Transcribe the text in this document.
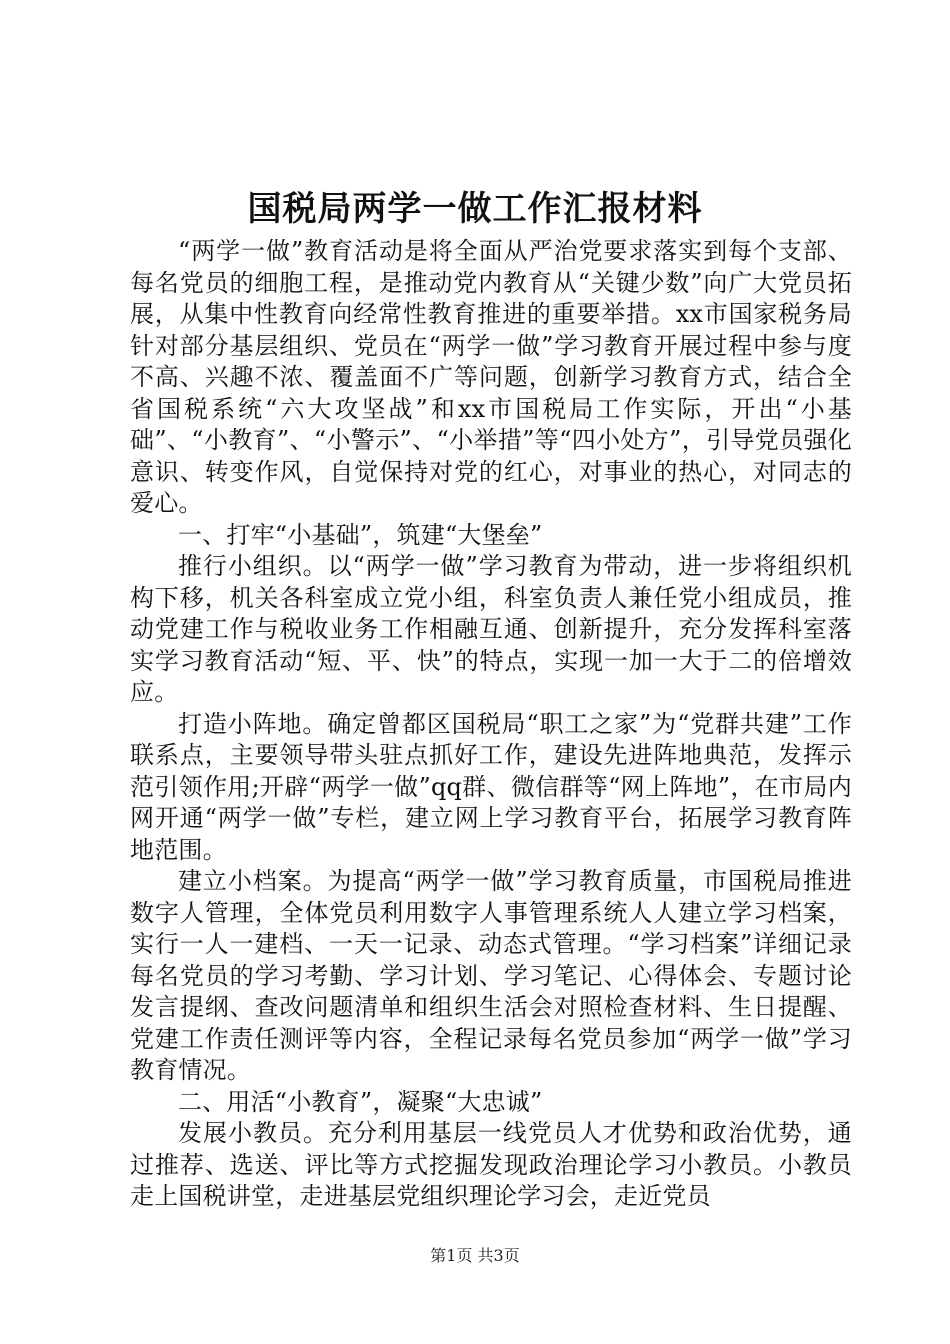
国税局两学一做工作汇报材料

“两学一做”教育活动是将全面从严治党要求落实到每个支部、每名党员的细胞工程，是推动党内教育从“关键少数”向广大党员拓展，从集中性教育向经常性教育推进的重要举措。xx市国家税务局针对部分基层组织、党员在“两学一做”学习教育开展过程中参与度不高、兴趣不浓、覆盖面不广等问题，创新学习教育方式，结合全省国税系统“六大攻坚战”和xx市国税局工作实际，开出“小基础”、“小教育”、“小警示”、“小举措”等“四小处方”，引导党员强化意识、转变作风，自觉保持对党的红心，对事业的热心，对同志的爱心。

一、打牢“小基础”，筑建“大堡垒”

推行小组织。以“两学一做”学习教育为带动，进一步将组织机构下移，机关各科室成立党小组，科室负责人兼任党小组成员，推动党建工作与税收业务工作相融互通、创新提升，充分发挥科室落实学习教育活动“短、平、快”的特点，实现一加一大于二的倍增效应。

打造小阵地。确定曾都区国税局“职工之家”为“党群共建”工作联系点，主要领导带头驻点抓好工作，建设先进阵地典范，发挥示范引领作用;开辟“两学一做”qq群、微信群等“网上阵地”，在市局内网开通“两学一做”专栏，建立网上学习教育平台，拓展学习教育阵地范围。

建立小档案。为提高“两学一做”学习教育质量，市国税局推进数字人管理，全体党员利用数字人事管理系统人人建立学习档案，实行一人一建档、一天一记录、动态式管理。“学习档案”详细记录每名党员的学习考勤、学习计划、学习笔记、心得体会、专题讨论发言提纲、查改问题清单和组织生活会对照检查材料、生日提醒、党建工作责任测评等内容，全程记录每名党员参加“两学一做”学习教育情况。

二、用活“小教育”，凝聚“大忠诚”

发展小教员。充分利用基层一线党员人才优势和政治优势，通过推荐、选送、评比等方式挖掘发现政治理论学习小教员。小教员走上国税讲堂，走进基层党组织理论学习会，走近党员

第1页 共3页
